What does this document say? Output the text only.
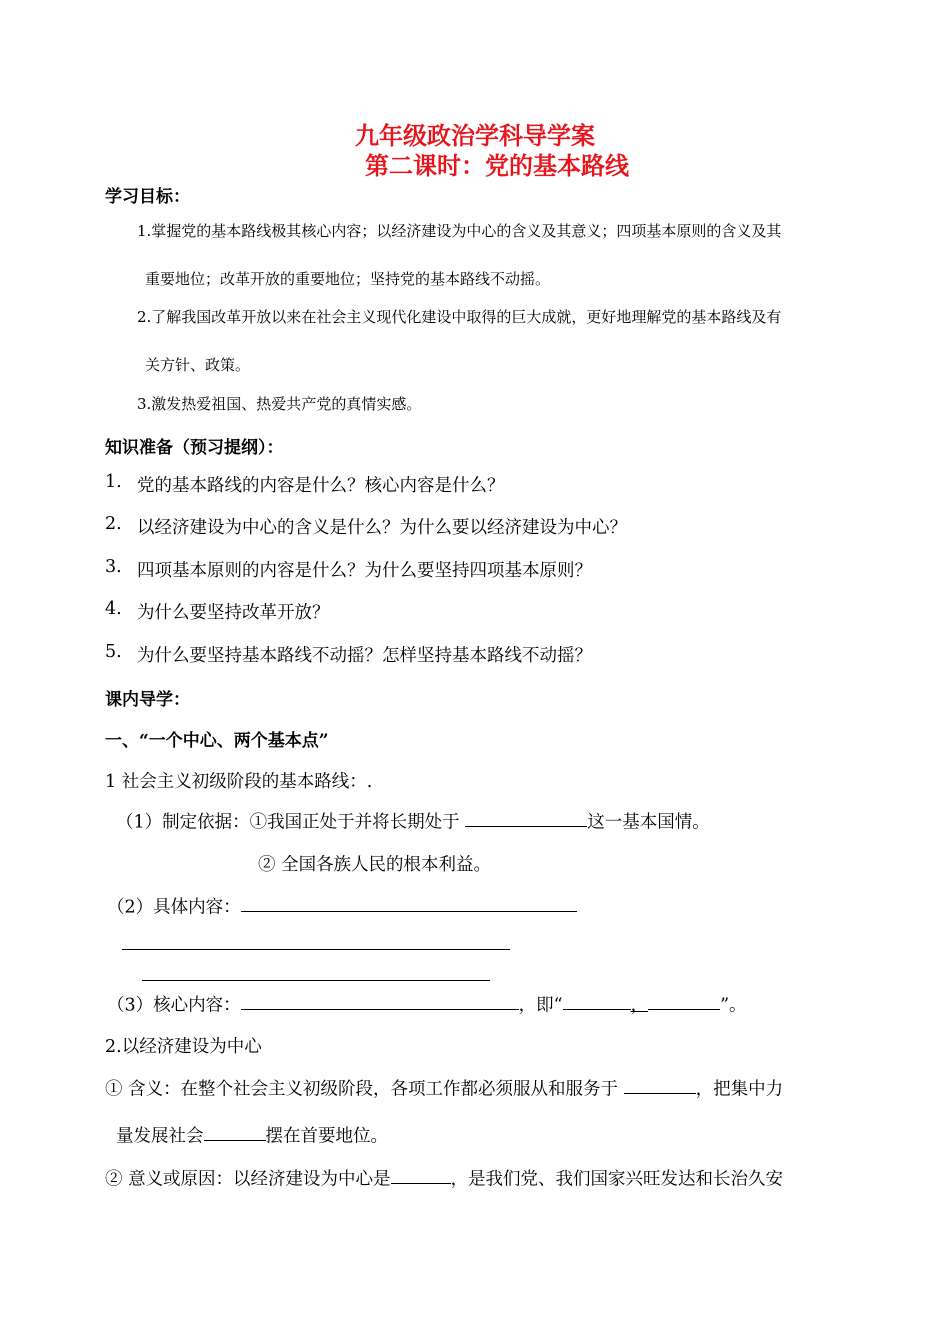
九年级政治学科导学案
第二课时：党的基本路线
学习目标：
1.掌握党的基本路线极其核心内容；以经济建设为中心的含义及其意义；四项基本原则的含义及其
重要地位；改革开放的重要地位；坚持党的基本路线不动摇。
2.了解我国改革开放以来在社会主义现代化建设中取得的巨大成就，更好地理解党的基本路线及有
关方针、政策。
3.激发热爱祖国、热爱共产党的真情实感。
知识准备（预习提纲）：
1. 党的基本路线的内容是什么？核心内容是什么？
2. 以经济建设为中心的含义是什么？为什么要以经济建设为中心？
3. 四项基本原则的内容是什么？为什么要坚持四项基本原则？
4. 为什么要坚持改革开放？
5. 为什么要坚持基本路线不动摇？怎样坚持基本路线不动摇？
课内导学：
一、“一个中心、两个基本点”
1 社会主义初级阶段的基本路线：.
（1）制定依据：①我国正处于并将长期处于	这一基本国情。
② 全国各族人民的根本利益。
（2）具体内容：
（3）核心内容：	，即“	，	”。
2.以经济建设为中心
① 含义：在整个社会主义初级阶段，各项工作都必须服从和服务于	，把集中力
量发展社会	摆在首要地位。
② 意义或原因：以经济建设为中心是	，是我们党、我们国家兴旺发达和长治久安
